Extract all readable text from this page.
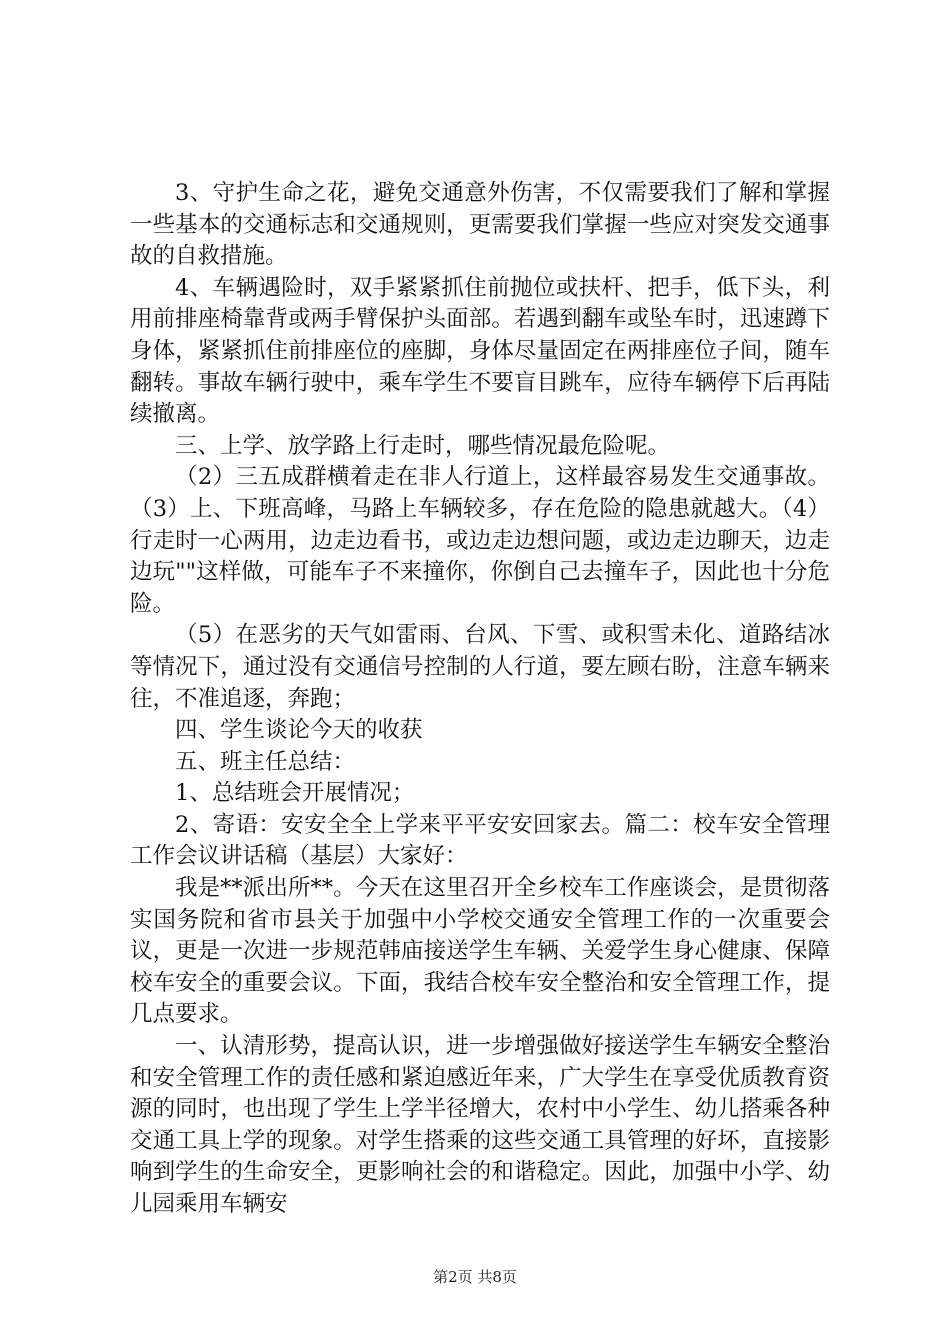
3、守护生命之花，避免交通意外伤害，不仅需要我们了解和掌握一些基本的交通标志和交通规则，更需要我们掌握一些应对突发交通事故的自救措施。

4、车辆遇险时，双手紧紧抓住前抛位或扶杆、把手，低下头，利用前排座椅靠背或两手臂保护头面部。若遇到翻车或坠车时，迅速蹲下身体，紧紧抓住前排座位的座脚，身体尽量固定在两排座位子间，随车翻转。事故车辆行驶中，乘车学生不要盲目跳车，应待车辆停下后再陆续撤离。

三、上学、放学路上行走时，哪些情况最危险呢。

（2）三五成群横着走在非人行道上，这样最容易发生交通事故。（3）上、下班高峰，马路上车辆较多，存在危险的隐患就越大。（4）行走时一心两用，边走边看书，或边走边想问题，或边走边聊天，边走边玩""这样做，可能车子不来撞你，你倒自己去撞车子，因此也十分危险。

（5）在恶劣的天气如雷雨、台风、下雪、或积雪未化、道路结冰等情况下，通过没有交通信号控制的人行道，要左顾右盼，注意车辆来往，不准追逐，奔跑；

四、学生谈论今天的收获

五、班主任总结：

1、总结班会开展情况；

2、寄语：安安全全上学来平平安安回家去。篇二：校车安全管理工作会议讲话稿（基层）大家好：

我是**派出所**。今天在这里召开全乡校车工作座谈会，是贯彻落实国务院和省市县关于加强中小学校交通安全管理工作的一次重要会议，更是一次进一步规范韩庙接送学生车辆、关爱学生身心健康、保障校车安全的重要会议。下面，我结合校车安全整治和安全管理工作，提几点要求。

一、认清形势，提高认识，进一步增强做好接送学生车辆安全整治和安全管理工作的责任感和紧迫感近年来，广大学生在享受优质教育资源的同时，也出现了学生上学半径增大，农村中小学生、幼儿搭乘各种交通工具上学的现象。对学生搭乘的这些交通工具管理的好坏，直接影响到学生的生命安全，更影响社会的和谐稳定。因此，加强中小学、幼儿园乘用车辆安

第2页 共8页
